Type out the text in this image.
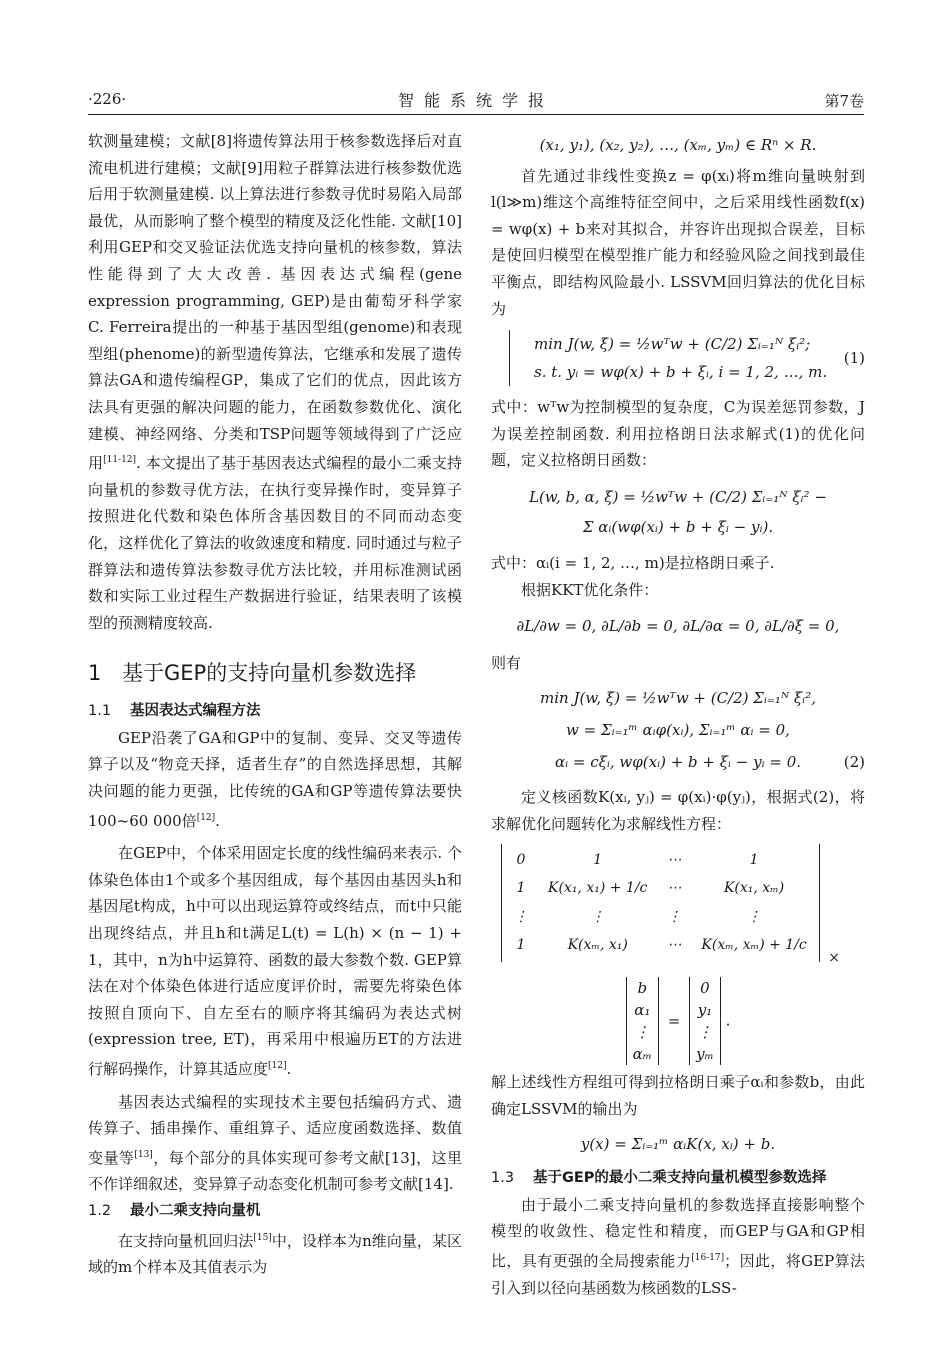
·226·	智能系统学报	第7卷

软测量建模；文献[8]将遗传算法用于核参数选择后对直流电机进行建模；文献[9]用粒子群算法进行核参数优选后用于软测量建模. 以上算法进行参数寻优时易陷入局部最优，从而影响了整个模型的精度及泛化性能. 文献[10]利用GEP和交叉验证法优选支持向量机的核参数，算法性能得到了大大改善. 基因表达式编程(gene expression programming, GEP)是由葡萄牙科学家C. Ferreira提出的一种基于基因型组(genome)和表现型组(phenome)的新型遗传算法，它继承和发展了遗传算法GA和遗传编程GP，集成了它们的优点，因此该方法具有更强的解决问题的能力，在函数参数优化、演化建模、神经网络、分类和TSP问题等领域得到了广泛应用[11-12]. 本文提出了基于基因表达式编程的最小二乘支持向量机的参数寻优方法，在执行变异操作时，变异算子按照进化代数和染色体所含基因数目的不同而动态变化，这样优化了算法的收敛速度和精度. 同时通过与粒子群算法和遗传算法参数寻优方法比较，并用标准测试函数和实际工业过程生产数据进行验证，结果表明了该模型的预测精度较高.

1 基于GEP的支持向量机参数选择
1.1 基因表达式编程方法

GEP沿袭了GA和GP中的复制、变异、交叉等遗传算子以及“物竞天择，适者生存”的自然选择思想，其解决问题的能力更强，比传统的GA和GP等遗传算法要快100~60 000倍[12].

在GEP中，个体采用固定长度的线性编码来表示. 个体染色体由1个或多个基因组成，每个基因由基因头h和基因尾t构成，h中可以出现运算符或终结点，而t中只能出现终结点，并且h和t满足L(t) = L(h) × (n − 1) + 1，其中，n为h中运算符、函数的最大参数个数. GEP算法在对个体染色体进行适应度评价时，需要先将染色体按照自顶向下、自左至右的顺序将其编码为表达式树(expression tree, ET)，再采用中根遍历ET的方法进行解码操作，计算其适应度[12].

基因表达式编程的实现技术主要包括编码方式、遗传算子、插串操作、重组算子、适应度函数选择、数值变量等[13]，每个部分的具体实现可参考文献[13]，这里不作详细叙述，变异算子动态变化机制可参考文献[14].

1.2 最小二乘支持向量机

在支持向量机回归法[15]中，设样本为n维向量，某区域的m个样本及其值表示为

(x₁, y₁), (x₂, y₂), …, (xₘ, yₘ) ∈ Rⁿ × R.

首先通过非线性变换z = φ(xᵢ)将m维向量映射到l(l≫m)维这个高维特征空间中，之后采用线性函数f(x) = wφ(x) + b来对其拟合，并容许出现拟合误差，目标是使回归模型在模型推广能力和经验风险之间找到最佳平衡点，即结构风险最小. LSSVM回归算法的优化目标为

min J(w, ξ) = ½wᵀw + (C/2) Σᵢ₌₁ᴺ ξᵢ²;
s. t. yᵢ = wφ(x) + b + ξᵢ, i = 1, 2, …, m.
(1)

式中：wᵀw为控制模型的复杂度，C为误差惩罚参数，J为误差控制函数. 利用拉格朗日法求解式(1)的优化问题，定义拉格朗日函数：

L(w, b, α, ξ) = ½wᵀw + (C/2) Σᵢ₌₁ᴺ ξᵢ² −
Σ αᵢ(wφ(xᵢ) + b + ξᵢ − yᵢ).

式中：αᵢ(i = 1, 2, …, m)是拉格朗日乘子.

根据KKT优化条件：

∂L/∂w = 0, ∂L/∂b = 0, ∂L/∂α = 0, ∂L/∂ξ = 0,

则有

min J(w, ξ) = ½wᵀw + (C/2) Σᵢ₌₁ᴺ ξᵢ²,
w = Σᵢ₌₁ᵐ αᵢφ(xᵢ), Σᵢ₌₁ᵐ αᵢ = 0,
αᵢ = cξᵢ, wφ(xᵢ) + b + ξᵢ − yᵢ = 0.	(2)

定义核函数K(xᵢ, yⱼ) = φ(xᵢ)·φ(yⱼ)，根据式(2)，将求解优化问题转化为求解线性方程：

0	1	⋯	1
1	K(x₁, x₁) + 1/c	⋯	K(x₁, xₘ)
⋮	⋮	⋮	⋮
1	K(xₘ, x₁)	⋯	K(xₘ, xₘ) + 1/c
×
b
α₁
⋮
αₘ
=
0
y₁
⋮
yₘ
.

解上述线性方程组可得到拉格朗日乘子αᵢ和参数b，由此确定LSSVM的输出为

y(x) = Σᵢ₌₁ᵐ αᵢK(x, xᵢ) + b.
1.3 基于GEP的最小二乘支持向量机模型参数选择

由于最小二乘支持向量机的参数选择直接影响整个模型的收敛性、稳定性和精度，而GEP与GA和GP相比，具有更强的全局搜索能力[16-17]；因此，将GEP算法引入到以径向基函数为核函数的LSS-
